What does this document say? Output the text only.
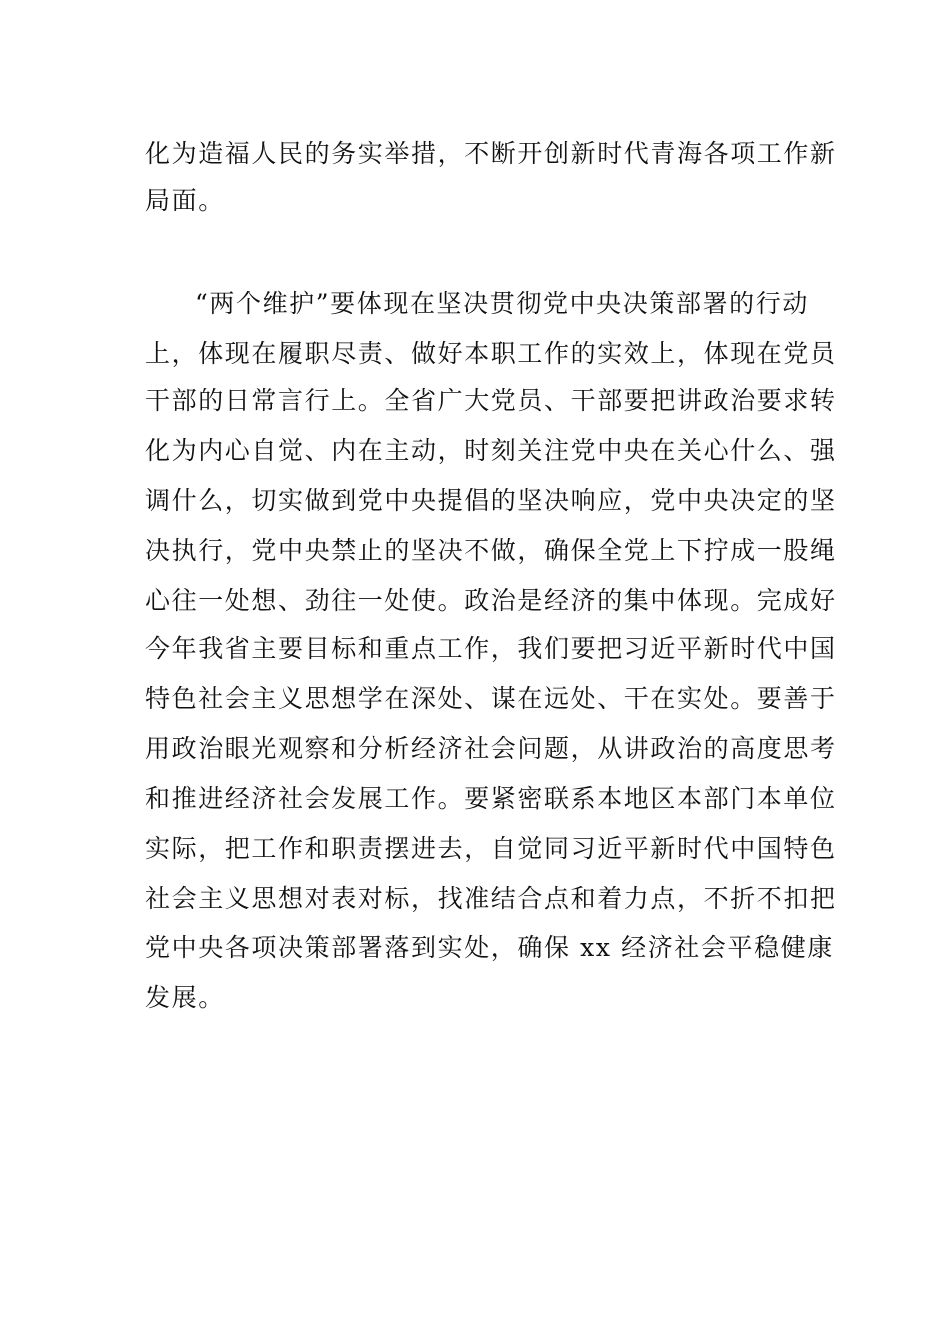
化为造福人民的务实举措，不断开创新时代青海各项工作新
局面。
“两个维护”要体现在坚决贯彻党中央决策部署的行动
上，体现在履职尽责、做好本职工作的实效上，体现在党员
干部的日常言行上。全省广大党员、干部要把讲政治要求转
化为内心自觉、内在主动，时刻关注党中央在关心什么、强
调什么，切实做到党中央提倡的坚决响应，党中央决定的坚
决执行，党中央禁止的坚决不做，确保全党上下拧成一股绳
心往一处想、劲往一处使。政治是经济的集中体现。完成好
今年我省主要目标和重点工作，我们要把习近平新时代中国
特色社会主义思想学在深处、谋在远处、干在实处。要善于
用政治眼光观察和分析经济社会问题，从讲政治的高度思考
和推进经济社会发展工作。要紧密联系本地区本部门本单位
实际，把工作和职责摆进去，自觉同习近平新时代中国特色
社会主义思想对表对标，找准结合点和着力点，不折不扣把
党中央各项决策部署落到实处，确保 xx 经济社会平稳健康
发展。
